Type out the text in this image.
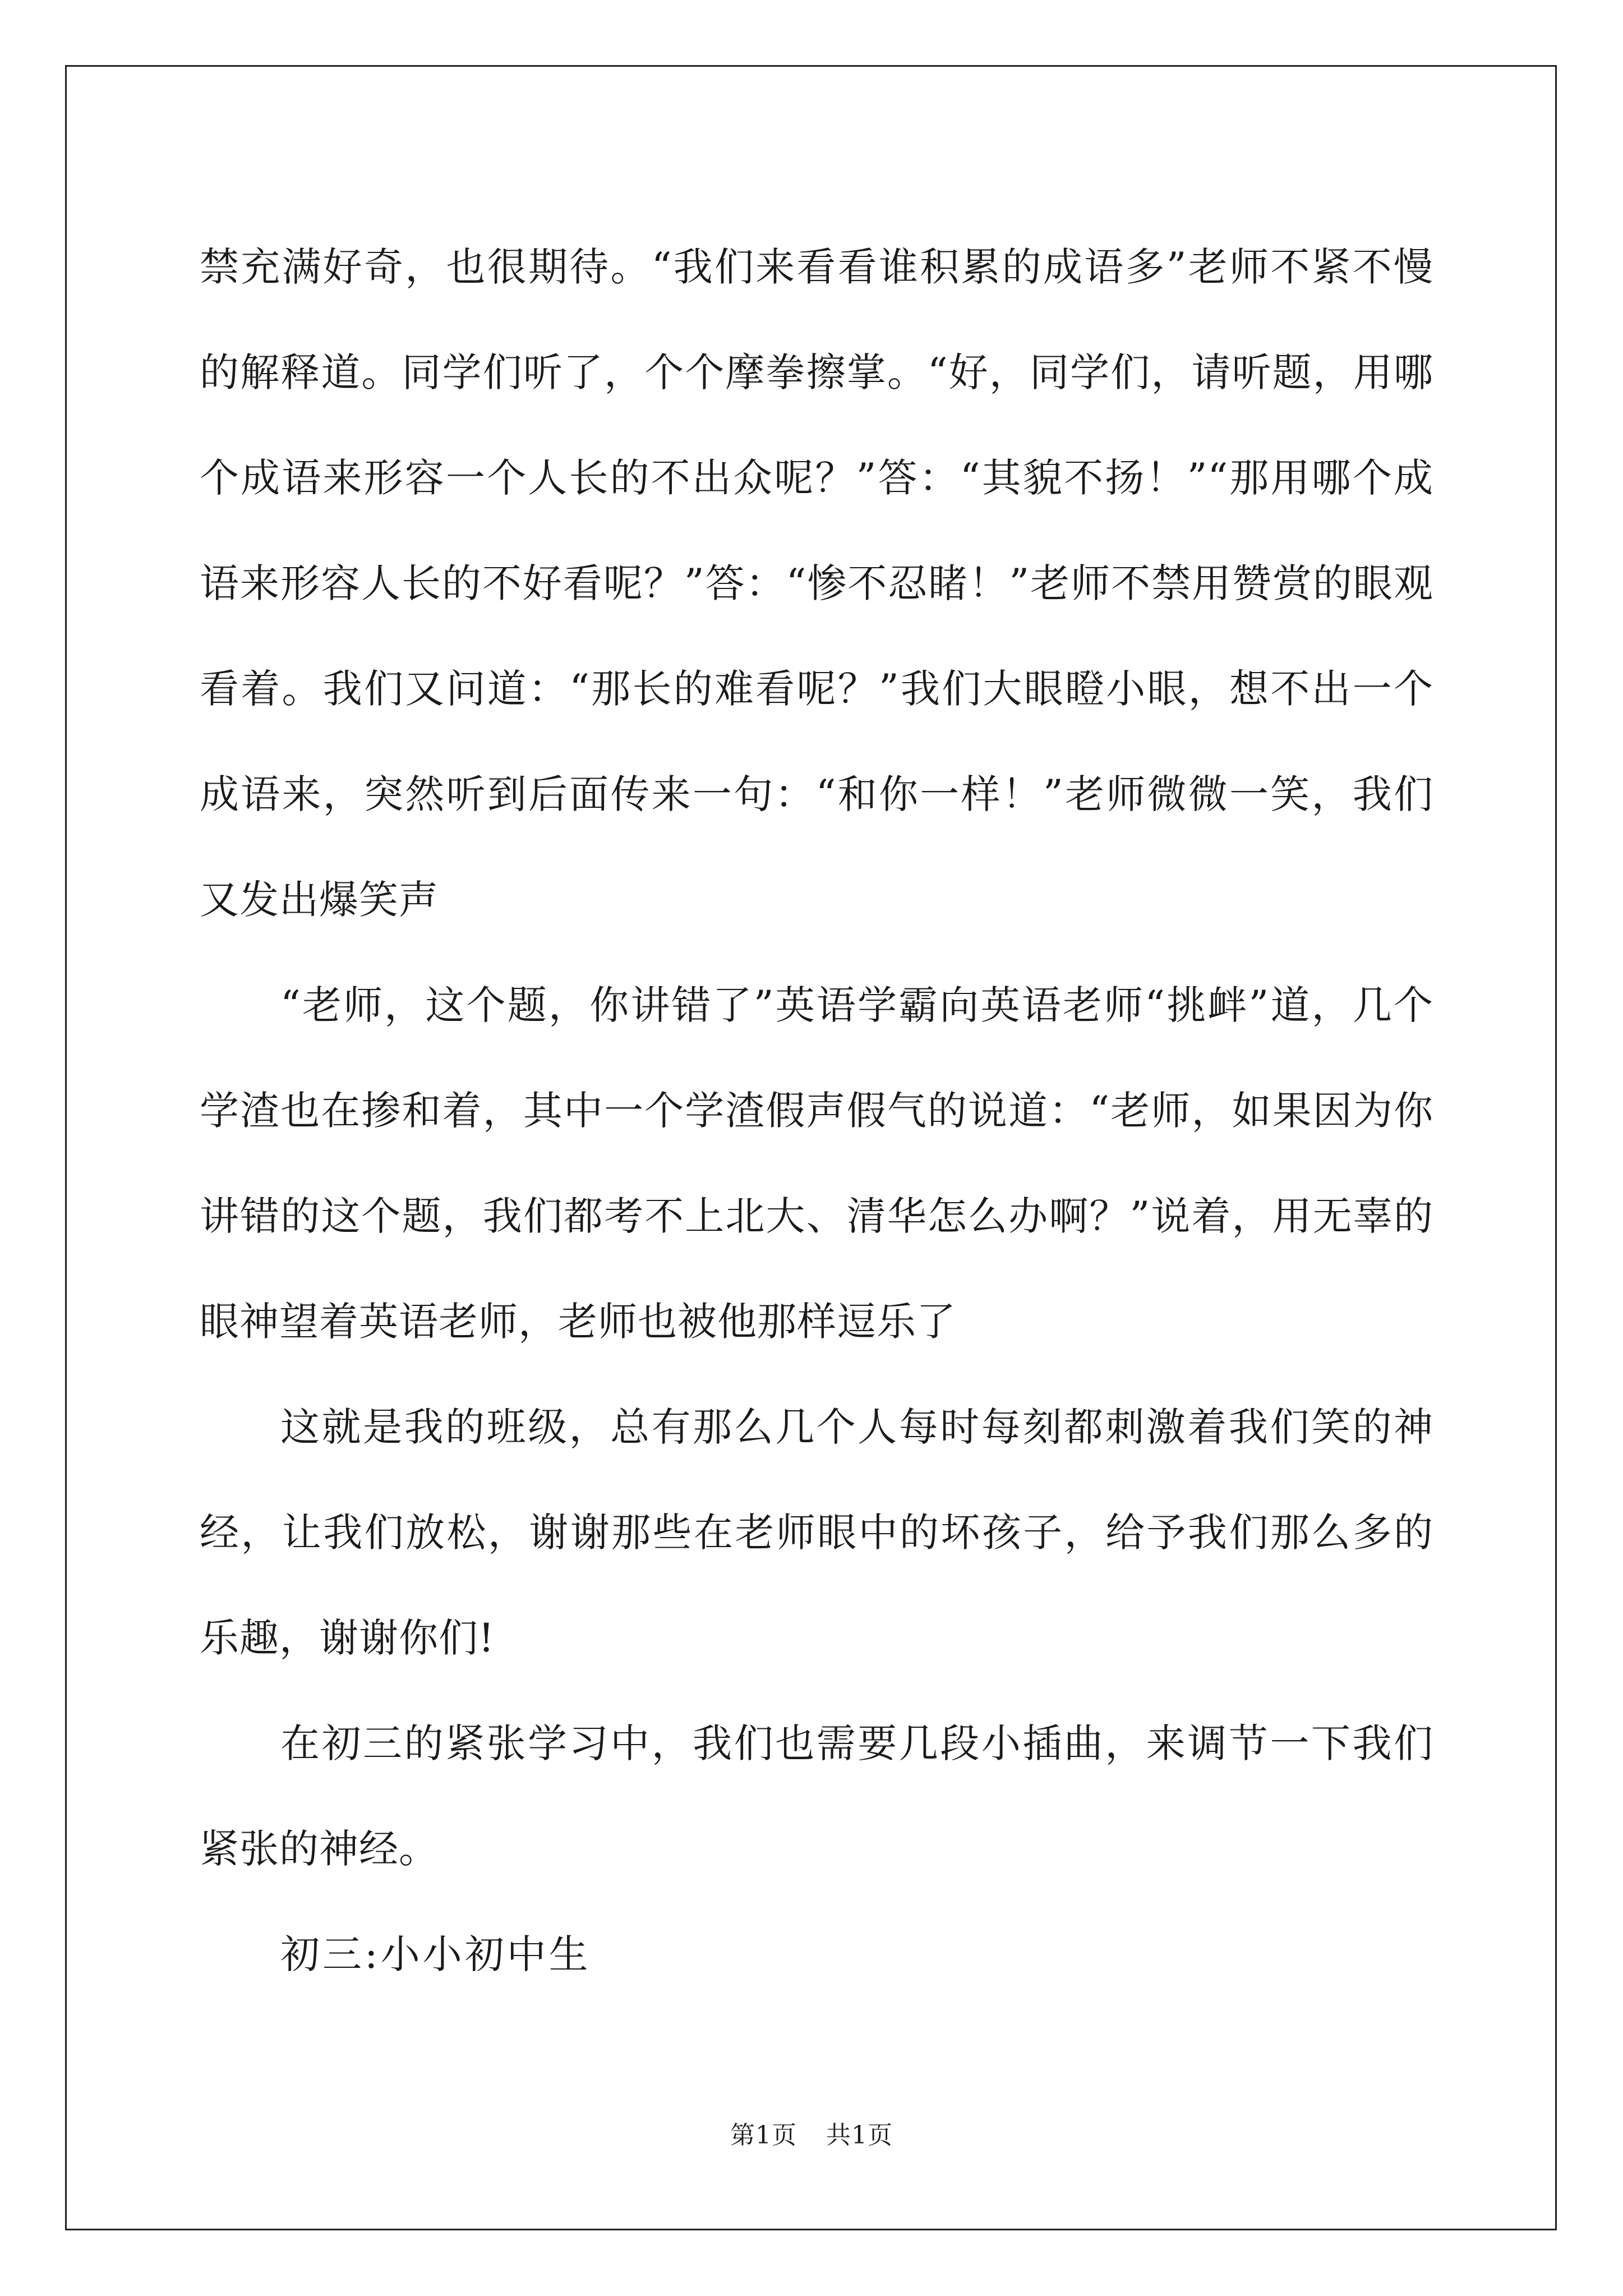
禁充满好奇，也很期待。“我们来看看谁积累的成语多”老师不紧不慢的解释道。同学们听了，个个摩拳擦掌。“好，同学们，请听题，用哪个成语来形容一个人长的不出众呢？”答：“其貌不扬！”“那用哪个成语来形容人长的不好看呢？”答：“惨不忍睹！”老师不禁用赞赏的眼观看着。我们又问道：“那长的难看呢？”我们大眼瞪小眼，想不出一个成语来，突然听到后面传来一句：“和你一样！”老师微微一笑，我们又发出爆笑声

“老师，这个题，你讲错了”英语学霸向英语老师“挑衅”道，几个学渣也在掺和着，其中一个学渣假声假气的说道：“老师，如果因为你讲错的这个题，我们都考不上北大、清华怎么办啊？”说着，用无辜的眼神望着英语老师，老师也被他那样逗乐了

这就是我的班级，总有那么几个人每时每刻都刺激着我们笑的神经，让我们放松，谢谢那些在老师眼中的坏孩子，给予我们那么多的乐趣，谢谢你们!

在初三的紧张学习中，我们也需要几段小插曲，来调节一下我们紧张的神经。

初三:小小初中生

第1页 共1页
